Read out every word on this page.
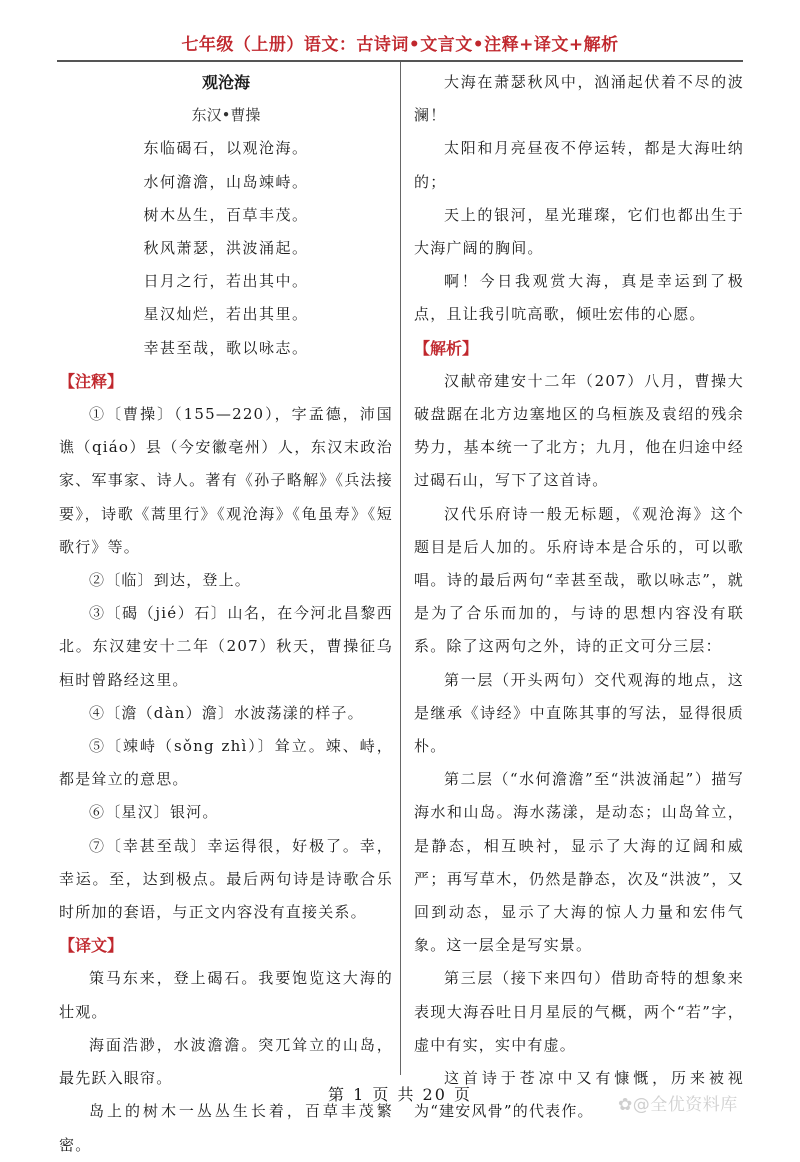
七年级（上册）语文：古诗词•文言文•注释+译文+解析
观沧海
东汉•曹操
东临碣石，以观沧海。
水何澹澹，山岛竦峙。
树木丛生，百草丰茂。
秋风萧瑟，洪波涌起。
日月之行，若出其中。
星汉灿烂，若出其里。
幸甚至哉，歌以咏志。
【注释】
①〔曹操〕（155—220），字孟德，沛国谯（qiáo）县（今安徽亳州）人，东汉末政治家、军事家、诗人。著有《孙子略解》《兵法接要》，诗歌《蒿里行》《观沧海》《龟虽寿》《短歌行》等。
②〔临〕到达，登上。
③〔碣（jié）石〕山名，在今河北昌黎西北。东汉建安十二年（207）秋天，曹操征乌桓时曾路经这里。
④〔澹（dàn）澹〕水波荡漾的样子。
⑤〔竦峙（sǒng zhì）〕耸立。竦、峙，都是耸立的意思。
⑥〔星汉〕银河。
⑦〔幸甚至哉〕幸运得很，好极了。幸，幸运。至，达到极点。最后两句诗是诗歌合乐时所加的套语，与正文内容没有直接关系。
【译文】
策马东来，登上碣石。我要饱览这大海的壮观。
海面浩渺，水波澹澹。突兀耸立的山岛，最先跃入眼帘。
岛上的树木一丛丛生长着，百草丰茂繁密。
大海在萧瑟秋风中，汹涌起伏着不尽的波澜！
太阳和月亮昼夜不停运转，都是大海吐纳的；
天上的银河，星光璀璨，它们也都出生于大海广阔的胸间。
啊！今日我观赏大海，真是幸运到了极点，且让我引吭高歌，倾吐宏伟的心愿。
【解析】
汉献帝建安十二年（207）八月，曹操大破盘踞在北方边塞地区的乌桓族及袁绍的残余势力，基本统一了北方；九月，他在归途中经过碣石山，写下了这首诗。
汉代乐府诗一般无标题，《观沧海》这个题目是后人加的。乐府诗本是合乐的，可以歌唱。诗的最后两句“幸甚至哉，歌以咏志”，就是为了合乐而加的，与诗的思想内容没有联系。除了这两句之外，诗的正文可分三层：
第一层（开头两句）交代观海的地点，这是继承《诗经》中直陈其事的写法，显得很质朴。
第二层（“水何澹澹”至“洪波涌起”）描写海水和山岛。海水荡漾，是动态；山岛耸立，是静态，相互映衬，显示了大海的辽阔和威严；再写草木，仍然是静态，次及“洪波”，又回到动态，显示了大海的惊人力量和宏伟气象。这一层全是写实景。
第三层（接下来四句）借助奇特的想象来表现大海吞吐日月星辰的气概，两个“若”字，虚中有实，实中有虚。
这首诗于苍凉中又有慷慨，历来被视为“建安风骨”的代表作。
第 1 页 共 20 页
✿@全优资料库
